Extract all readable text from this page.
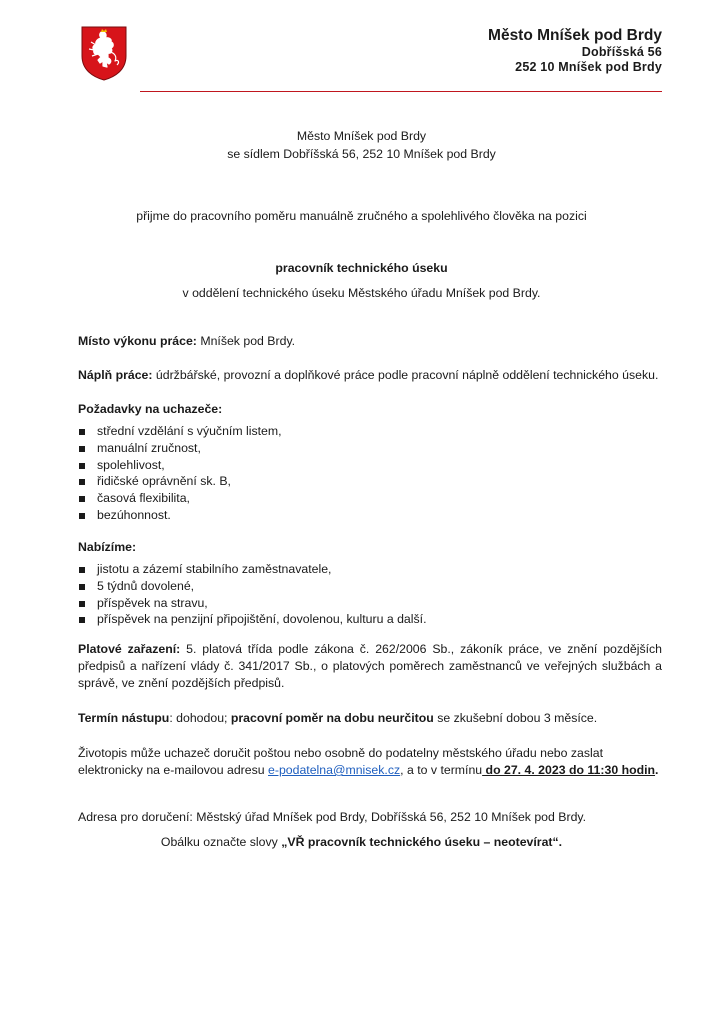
Město Mníšek pod Brdy
Dobříšská 56
252 10 Mníšek pod Brdy
Město Mníšek pod Brdy
se sídlem Dobříšská 56, 252 10 Mníšek pod Brdy
přijme do pracovního poměru manuálně zručného a spolehlivého člověka na pozici
pracovník technického úseku
v oddělení technického úseku Městského úřadu Mníšek pod Brdy.
Místo výkonu práce: Mníšek pod Brdy.
Náplň práce: údržbářské, provozní a doplňkové práce podle pracovní náplně oddělení technického úseku.
Požadavky na uchazeče:
střední vzdělání s výučním listem,
manuální zručnost,
spolehlivost,
řidičské oprávnění sk. B,
časová flexibilita,
bezúhonnost.
Nabízíme:
jistotu a zázemí stabilního zaměstnavatele,
5 týdnů dovolené,
příspěvek na stravu,
příspěvek na penzijní připojištění, dovolenou, kulturu a další.
Platové zařazení: 5. platová třída podle zákona č. 262/2006 Sb., zákoník práce, ve znění pozdějších předpisů a nařízení vlády č. 341/2017 Sb., o platových poměrech zaměstnanců ve veřejných službách a správě, ve znění pozdějších předpisů.
Termín nástupu: dohodou; pracovní poměr na dobu neurčitou se zkušební dobou 3 měsíce.
Životopis může uchazeč doručit poštou nebo osobně do podatelny městského úřadu nebo zaslat elektronicky na e-mailovou adresu e-podatelna@mnisek.cz, a to v termínu do 27. 4. 2023 do 11:30 hodin.
Adresa pro doručení: Městský úřad Mníšek pod Brdy, Dobříšská 56, 252 10 Mníšek pod Brdy.
Obálku označte slovy „VŘ pracovník technického úseku – neotevírat“.
